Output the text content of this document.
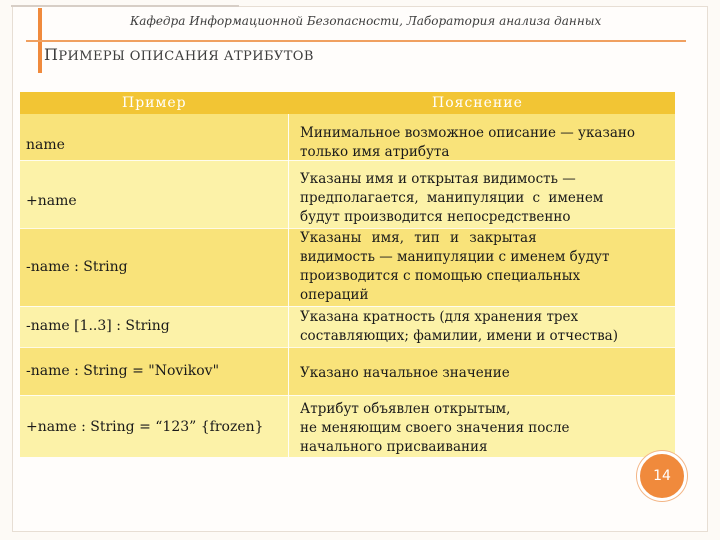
Кафедра Информационной Безопасности, Лаборатория анализа данных
ПРИМЕРЫ ОПИСАНИЯ АТРИБУТОВ
Пример	Пояснение
name
Минимальное возможное описание — указано
только имя атрибута
+name
Указаны имя и открытая видимость —
предполагается, манипуляции с именем
будут производится непосредственно
-name : String
Указаны имя, тип и закрытая
видимость — манипуляции с именем будут
производится с помощью специальных
операций
-name [1..3] : String
Указана кратность (для хранения трех
составляющих; фамилии, имени и отчества)
-name : String = "Novikov"	Указано начальное значение
+name : String = “123” {frozen}
Атрибут объявлен открытым,
не меняющим своего значения после
начального присваивания
14
